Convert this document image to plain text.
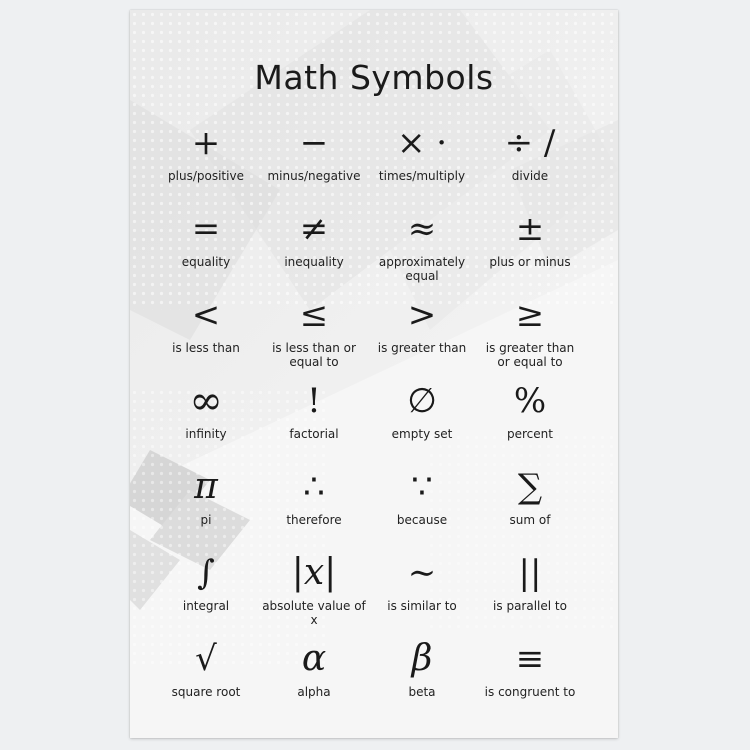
Math Symbols
+
plus/positive
−
minus/negative
× ·
times/multiply
÷ /
divide
=
equality
≠
inequality
≈
approximately equal
±
plus or minus
<
is less than
≤
is less than or equal to
>
is greater than
≥
is greater than or equal to
∞
infinity
!
factorial
∅
empty set
%
percent
π
pi
∴
therefore
∵
because
∑
sum of
∫
integral
|x|
absolute value of x
∼
is similar to
||
is parallel to
√
square root
α
alpha
β
beta
≡
is congruent to
